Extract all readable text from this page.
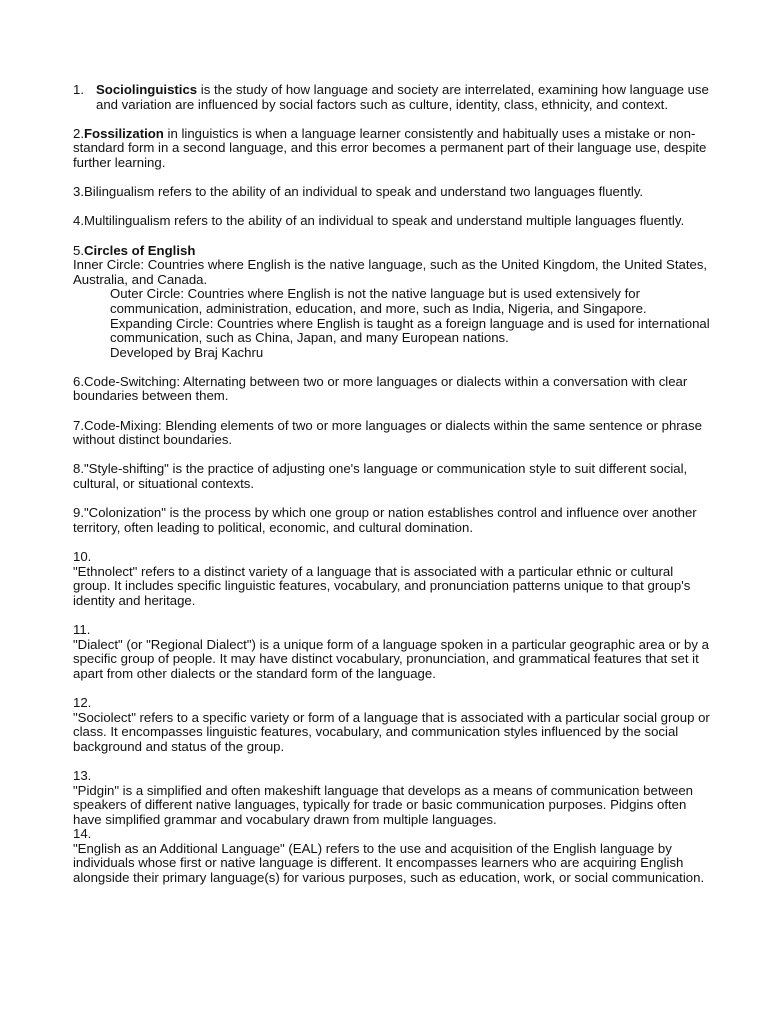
1. Sociolinguistics is the study of how language and society are interrelated, examining how language use and variation are influenced by social factors such as culture, identity, class, ethnicity, and context.
2.Fossilization in linguistics is when a language learner consistently and habitually uses a mistake or non-standard form in a second language, and this error becomes a permanent part of their language use, despite further learning.
3.Bilingualism refers to the ability of an individual to speak and understand two languages fluently.
4.Multilingualism refers to the ability of an individual to speak and understand multiple languages fluently.
5.Circles of English
Inner Circle: Countries where English is the native language, such as the United Kingdom, the United States, Australia, and Canada.
Outer Circle: Countries where English is not the native language but is used extensively for communication, administration, education, and more, such as India, Nigeria, and Singapore.
Expanding Circle: Countries where English is taught as a foreign language and is used for international communication, such as China, Japan, and many European nations.
Developed by Braj Kachru
6.Code-Switching: Alternating between two or more languages or dialects within a conversation with clear boundaries between them.
7.Code-Mixing: Blending elements of two or more languages or dialects within the same sentence or phrase without distinct boundaries.
8."Style-shifting" is the practice of adjusting one's language or communication style to suit different social, cultural, or situational contexts.
9."Colonization" is the process by which one group or nation establishes control and influence over another territory, often leading to political, economic, and cultural domination.
10.
"Ethnolect" refers to a distinct variety of a language that is associated with a particular ethnic or cultural group. It includes specific linguistic features, vocabulary, and pronunciation patterns unique to that group's identity and heritage.
11.
"Dialect" (or "Regional Dialect") is a unique form of a language spoken in a particular geographic area or by a specific group of people. It may have distinct vocabulary, pronunciation, and grammatical features that set it apart from other dialects or the standard form of the language.
12.
"Sociolect" refers to a specific variety or form of a language that is associated with a particular social group or class. It encompasses linguistic features, vocabulary, and communication styles influenced by the social background and status of the group.
13.
"Pidgin" is a simplified and often makeshift language that develops as a means of communication between speakers of different native languages, typically for trade or basic communication purposes. Pidgins often have simplified grammar and vocabulary drawn from multiple languages.
14.
"English as an Additional Language" (EAL) refers to the use and acquisition of the English language by individuals whose first or native language is different. It encompasses learners who are acquiring English alongside their primary language(s) for various purposes, such as education, work, or social communication.
